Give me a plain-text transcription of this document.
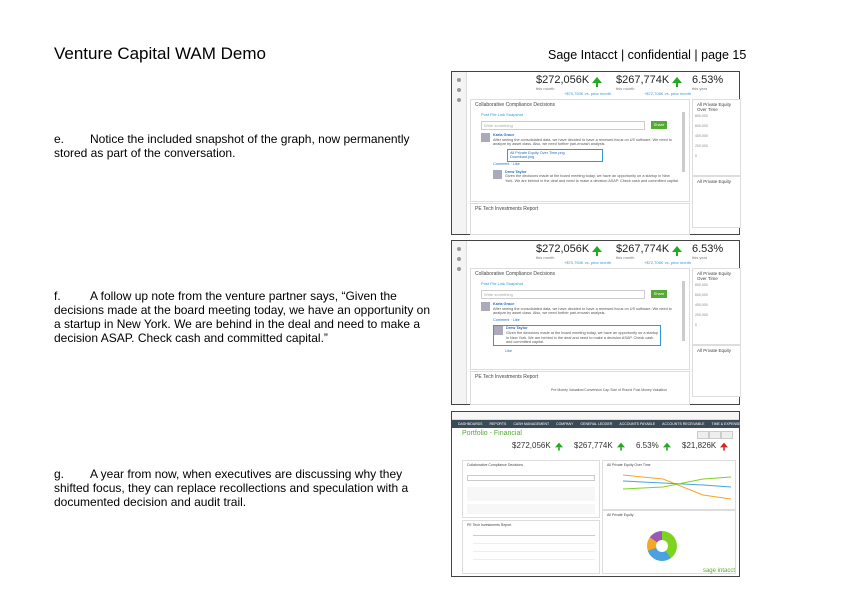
Venture Capital WAM Demo	Sage Intacct | confidential | page 15
e. Notice the included snapshot of the graph, now permanently stored as part of the conversation.
f. A follow up note from the venture partner says, “Given the decisions made at the board meeting today, we have an opportunity on a startup in New York. We are behind in the deal and need to make a decision ASAP. Check cash and committed capital.”
g. A year from now, when executives are discussing why they shifted focus, they can replace recollections and speculation with a documented decision and audit trail.
$272,056K
this month
+$70,750K vs. prior month
$267,774K
this month
+$72,706K vs. prior month
6.53%
this year
Collaborative Compliance Decisions
Post File Link Snapshot
Write something	Share
Karla Grace
After seeing the consolidated data, we have decided to have a renewed focus on US software. We need to analyze by asset class. Also, we need further pari-encash analysis.
All Private Equity Over Time.png
Download.png
Comment · Like
Drew Taylor
Given the decisions made at the board meeting today, we have an opportunity on a startup in New York. We are behind in the deal and need to make a decision ASAP. Check cash and committed capital.
All Private Equity Over Time
800,000
600,000
400,000
200,000
0
All Private Equity
PE Tech Investments Report
$272,056K
this month
+$70,750K vs. prior month
$267,774K
this month
+$72,706K vs. prior month
6.53%
this year
Collaborative Compliance Decisions
Post File Link Snapshot
Write something	Share
Karla Grace
After seeing the consolidated data, we have decided to have a renewed focus on US software. We need to analyze by asset class. Also, we need further pari-encash analysis.
Comment · Like
Drew Taylor
Given the decisions made at the board meeting today, we have an opportunity on a startup in New York. We are behind in the deal and need to make a decision ASAP. Check cash and committed capital.
Like
All Private Equity Over Time
800,000
600,000
400,000
200,000
0
All Private Equity
PE Tech Investments Report
Pre Money Valuation/Conversion Cap Size of Round Post Money Valuation
DASHBOARDS REPORTS CASH MANAGEMENT COMPANY GENERAL LEDGER ACCOUNTS PAYABLE ACCOUNTS RECEIVABLE TIME & EXPENSES PURCHASING ORDER ENTRY PROJECTS MORE
Portfolio - Financial
$272,056K	$267,774K	6.53%	$21,826K
Collaborative Compliance Decisions
PE Tech Investments Report
All Private Equity Over Time
All Private Equity
sage intacct
